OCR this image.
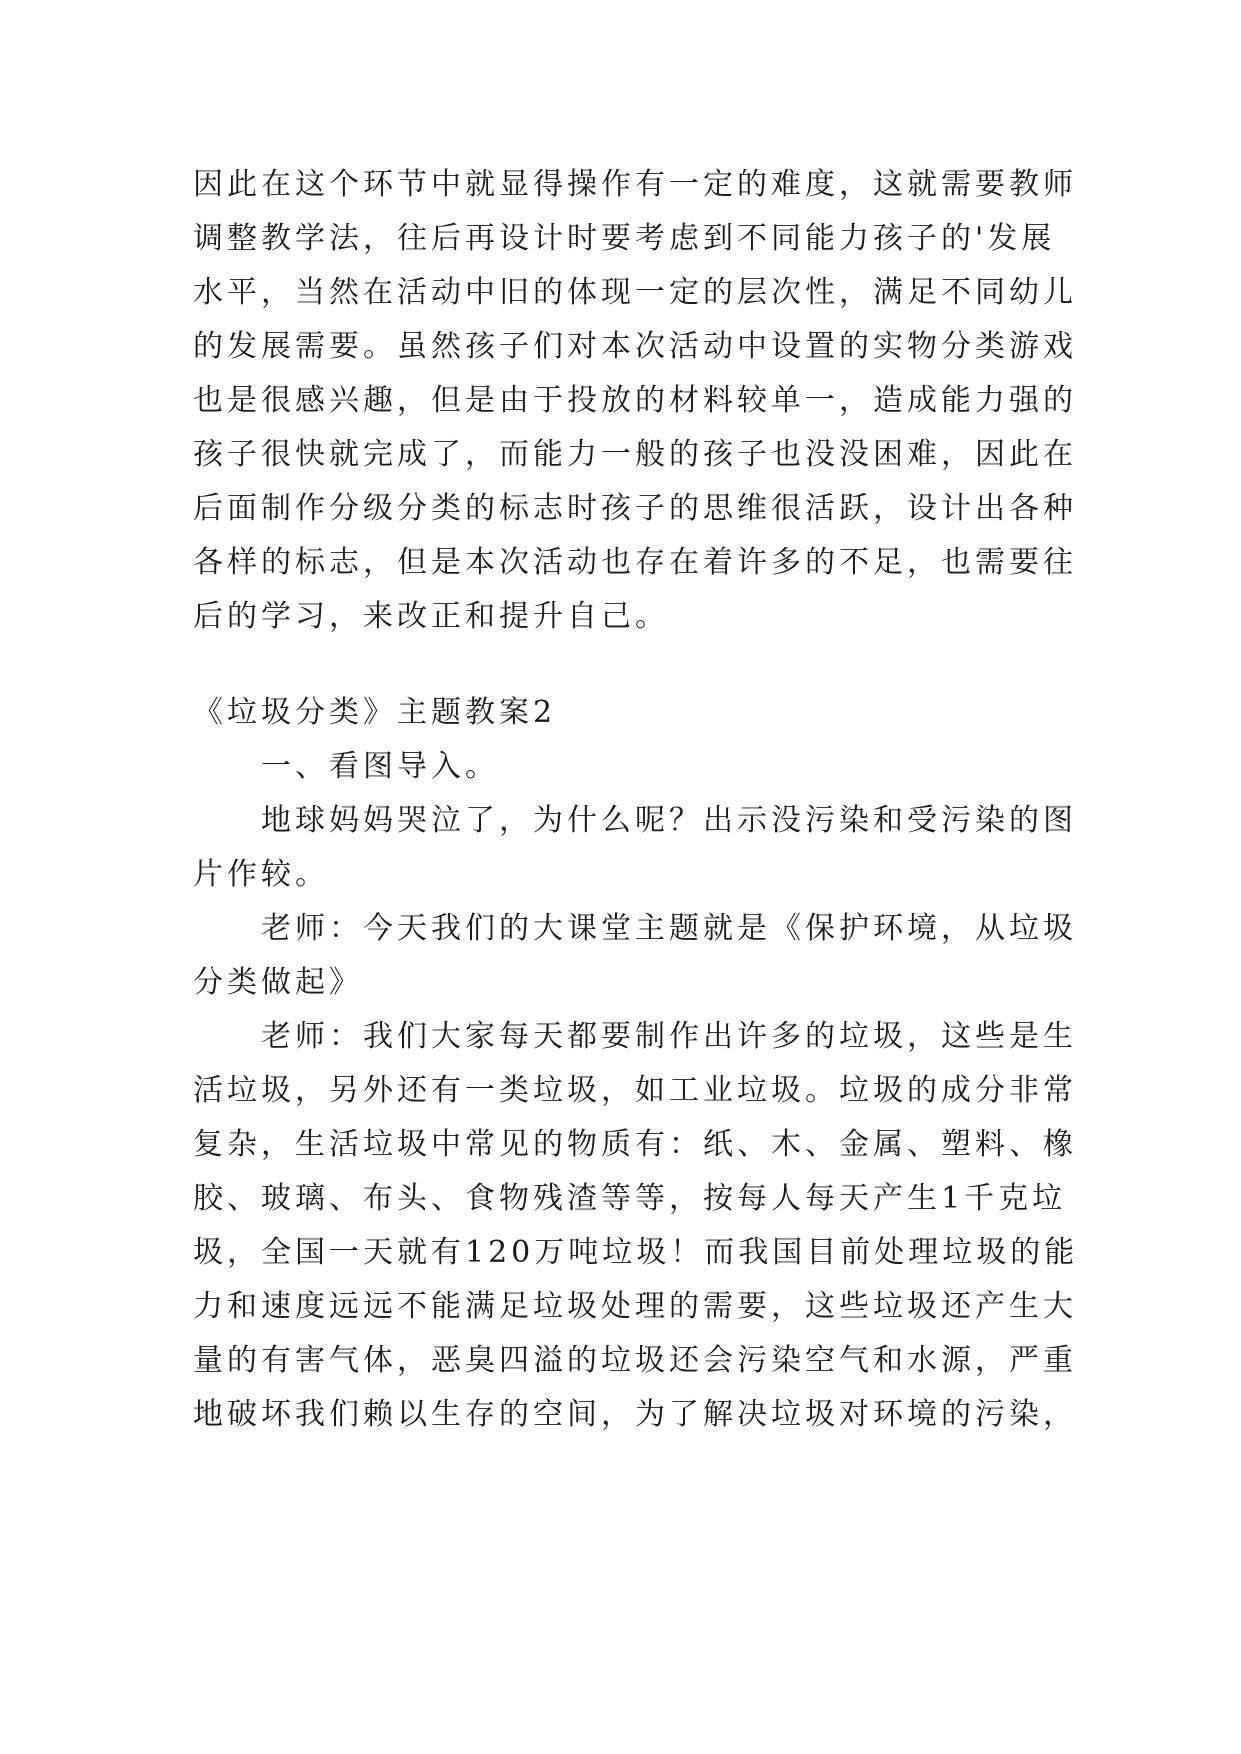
因此在这个环节中就显得操作有一定的难度，这就需要教师
调整教学法，往后再设计时要考虑到不同能力孩子的'发展
水平，当然在活动中旧的体现一定的层次性，满足不同幼儿
的发展需要。虽然孩子们对本次活动中设置的实物分类游戏
也是很感兴趣，但是由于投放的材料较单一，造成能力强的
孩子很快就完成了，而能力一般的孩子也没没困难，因此在
后面制作分级分类的标志时孩子的思维很活跃，设计出各种
各样的标志，但是本次活动也存在着许多的不足，也需要往
后的学习，来改正和提升自己。
《垃圾分类》主题教案2
一、看图导入。
地球妈妈哭泣了，为什么呢？出示没污染和受污染的图
片作较。
老师：今天我们的大课堂主题就是《保护环境，从垃圾
分类做起》
老师：我们大家每天都要制作出许多的垃圾，这些是生
活垃圾，另外还有一类垃圾，如工业垃圾。垃圾的成分非常
复杂，生活垃圾中常见的物质有：纸、木、金属、塑料、橡
胶、玻璃、布头、食物残渣等等，按每人每天产生1千克垃
圾，全国一天就有120万吨垃圾！而我国目前处理垃圾的能
力和速度远远不能满足垃圾处理的需要，这些垃圾还产生大
量的有害气体，恶臭四溢的垃圾还会污染空气和水源，严重
地破坏我们赖以生存的空间，为了解决垃圾对环境的污染，
